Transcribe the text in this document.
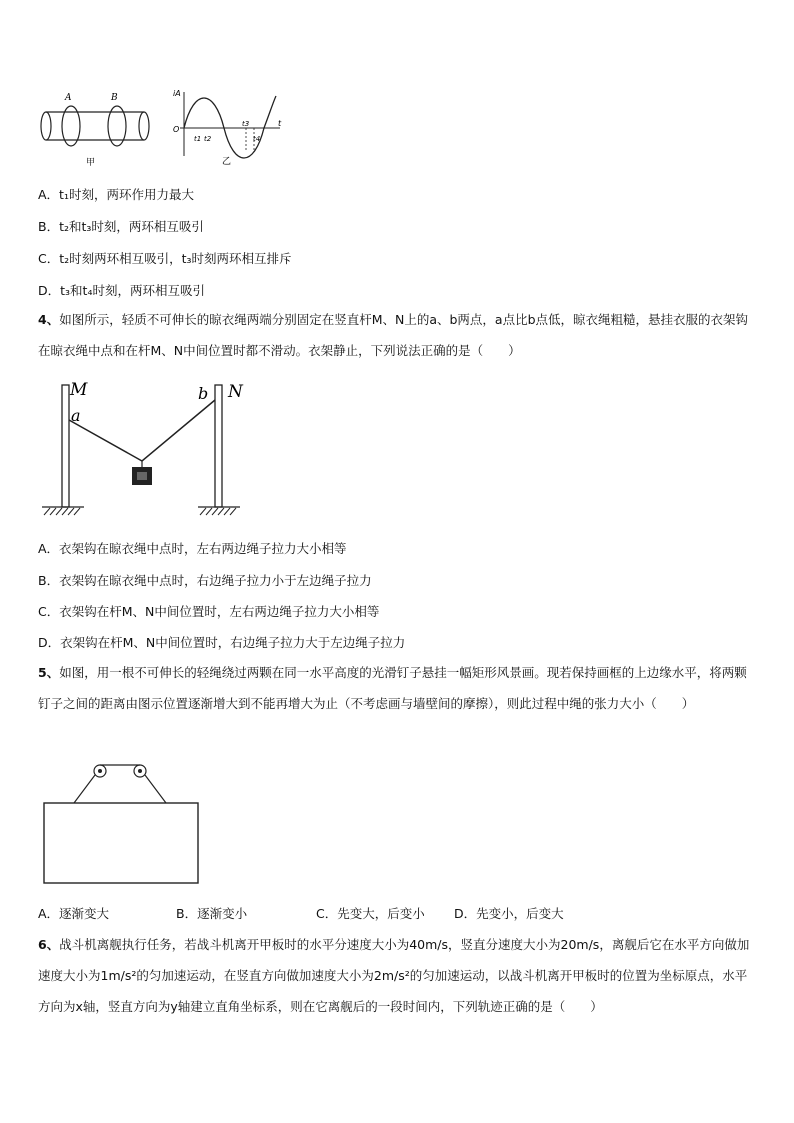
A	B
甲
iA
t
O
t1 t2
t3
t4
乙
A．t₁时刻，两环作用力最大
B．t₂和t₃时刻，两环相互吸引
C．t₂时刻两环相互吸引，t₃时刻两环相互排斥
D．t₃和t₄时刻，两环相互吸引
4、如图所示，轻质不可伸长的晾衣绳两端分别固定在竖直杆M、N上的a、b两点，a点比b点低，晾衣绳粗糙，悬挂衣服的衣架钩在晾衣绳中点和在杆M、N中间位置时都不滑动。衣架静止，下列说法正确的是（　　）
M	N
a
b
A．衣架钩在晾衣绳中点时，左右两边绳子拉力大小相等
B．衣架钩在晾衣绳中点时，右边绳子拉力小于左边绳子拉力
C．衣架钩在杆M、N中间位置时，左右两边绳子拉力大小相等
D．衣架钩在杆M、N中间位置时，右边绳子拉力大于左边绳子拉力
5、如图，用一根不可伸长的轻绳绕过两颗在同一水平高度的光滑钉子悬挂一幅矩形风景画。现若保持画框的上边缘水平，将两颗钉子之间的距离由图示位置逐渐增大到不能再增大为止（不考虑画与墙壁间的摩擦），则此过程中绳的张力大小（　　）
A．逐渐变大	B．逐渐变小	C．先变大，后变小 D．先变小，后变大
6、战斗机离舰执行任务，若战斗机离开甲板时的水平分速度大小为40m/s，竖直分速度大小为20m/s，离舰后它在水平方向做加速度大小为1m/s²的匀加速运动，在竖直方向做加速度大小为2m/s²的匀加速运动，以战斗机离开甲板时的位置为坐标原点，水平方向为x轴，竖直方向为y轴建立直角坐标系，则在它离舰后的一段时间内，下列轨迹正确的是（　　）
